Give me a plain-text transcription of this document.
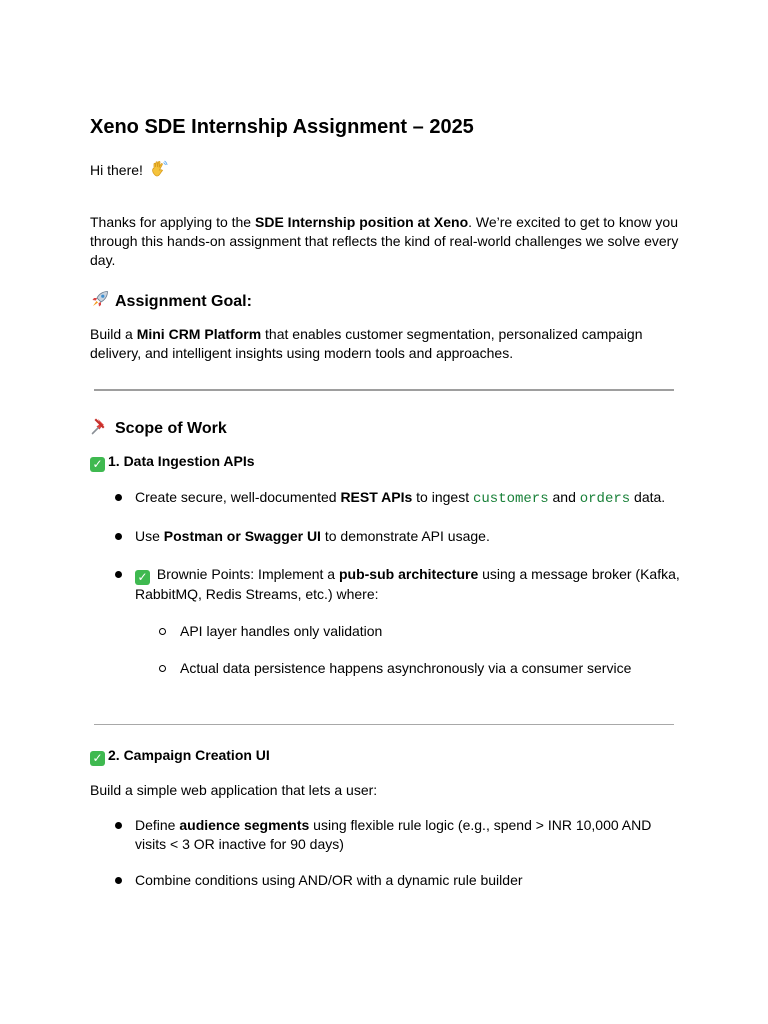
Xeno SDE Internship Assignment – 2025
Hi there!
Thanks for applying to the SDE Internship position at Xeno. We’re excited to get to know you through this hands-on assignment that reflects the kind of real-world challenges we solve every day.
Assignment Goal:
Build a Mini CRM Platform that enables customer segmentation, personalized campaign delivery, and intelligent insights using modern tools and approaches.
Scope of Work
✓ 1. Data Ingestion APIs
Create secure, well-documented REST APIs to ingest customers and orders data.
Use Postman or Swagger UI to demonstrate API usage.
✓ Brownie Points: Implement a pub-sub architecture using a message broker (Kafka, RabbitMQ, Redis Streams, etc.) where:
API layer handles only validation
Actual data persistence happens asynchronously via a consumer service
✓ 2. Campaign Creation UI
Build a simple web application that lets a user:
Define audience segments using flexible rule logic (e.g., spend > INR 10,000 AND visits < 3 OR inactive for 90 days)
Combine conditions using AND/OR with a dynamic rule builder
